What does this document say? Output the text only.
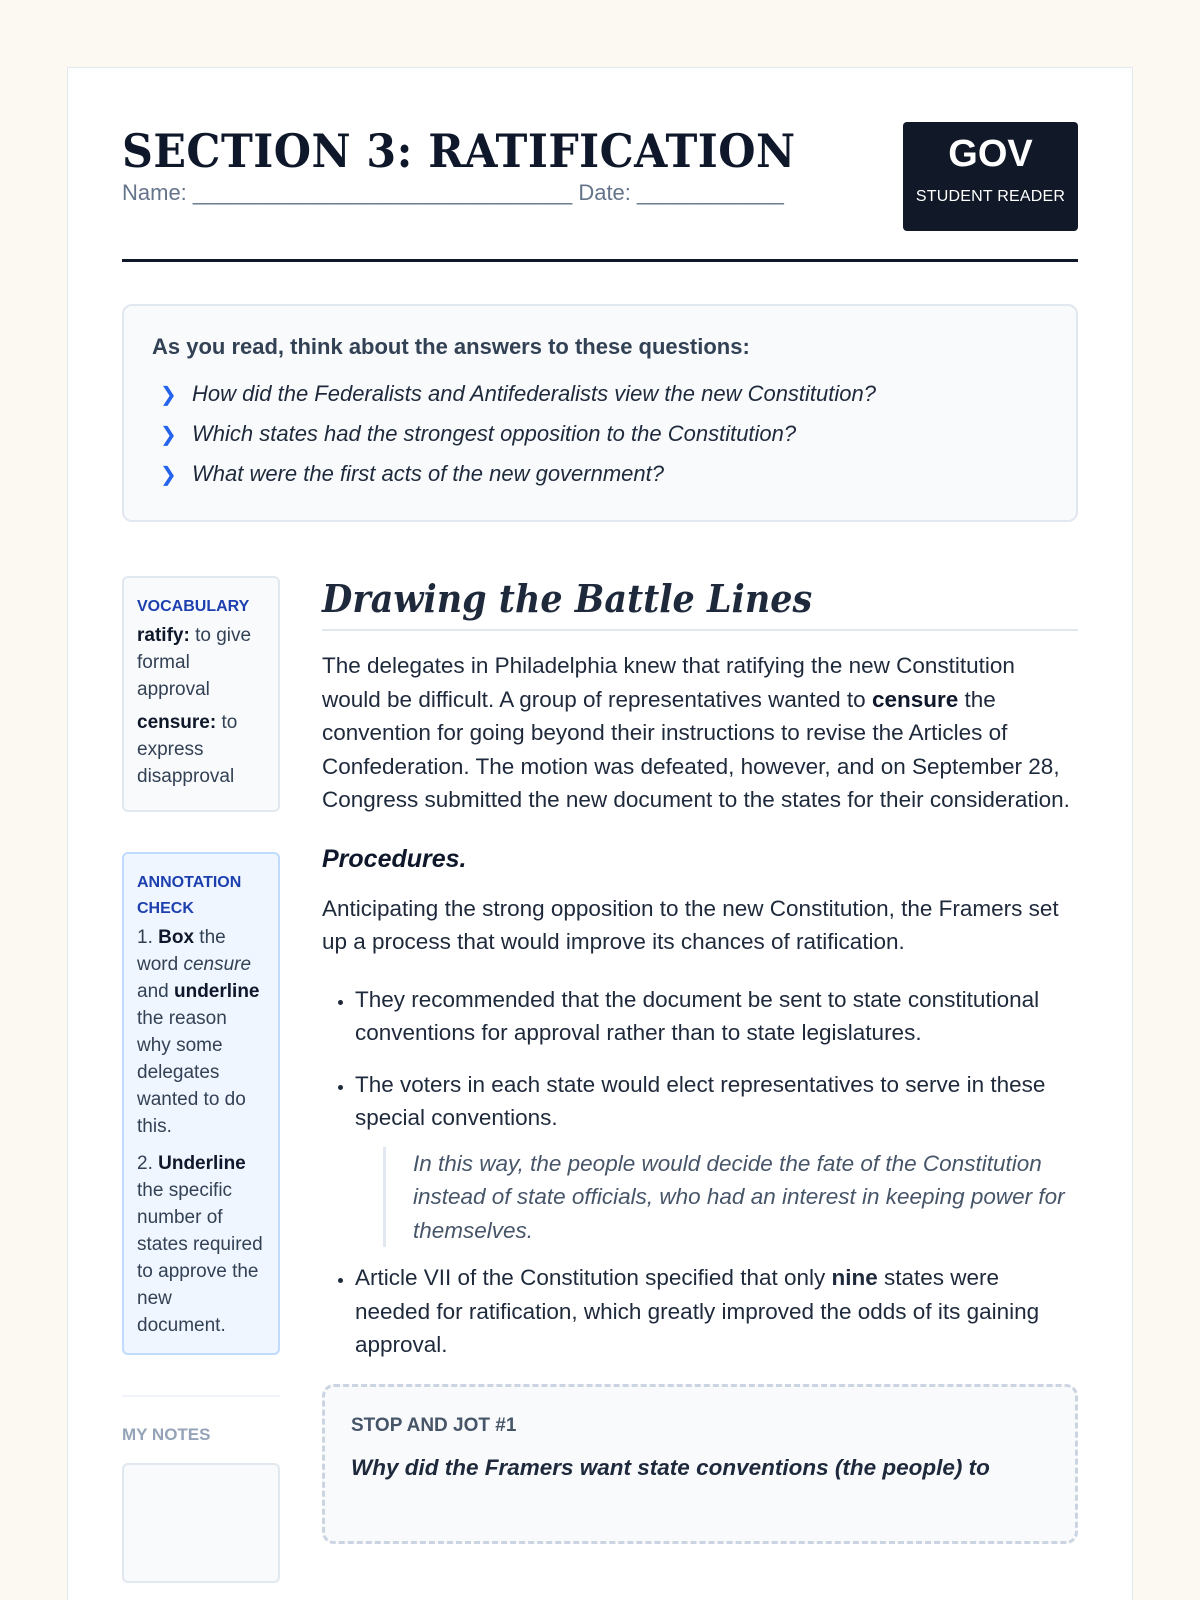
SECTION 3: RATIFICATION
Name: _______________________________ Date: ____________
GOV
STUDENT READER
As you read, think about the answers to these questions:
❯ How did the Federalists and Antifederalists view the new Constitution?
❯ Which states had the strongest opposition to the Constitution?
❯ What were the first acts of the new government?
VOCABULARY
ratify: to give formal approval
censure: to express disapproval
ANNOTATION CHECK

1. Box the word censure and underline the reason why some delegates wanted to do this.

2. Underline the specific number of states required to approve the new document.

MY NOTES
Drawing the Battle Lines

The delegates in Philadelphia knew that ratifying the new Constitution would be difficult. A group of representatives wanted to censure the convention for going beyond their instructions to revise the Articles of Confederation. The motion was defeated, however, and on September 28, Congress submitted the new document to the states for their consideration.

Procedures.

Anticipating the strong opposition to the new Constitution, the Framers set up a process that would improve its chances of ratification.

• They recommended that the document be sent to state constitutional conventions for approval rather than to state legislatures.
• The voters in each state would elect representatives to serve in these special conventions.
In this way, the people would decide the fate of the Constitution instead of state officials, who had an interest in keeping power for themselves.
• Article VII of the Constitution specified that only nine states were needed for ratification, which greatly improved the odds of its gaining approval.
STOP AND JOT #1
Why did the Framers want state conventions (the people) to
